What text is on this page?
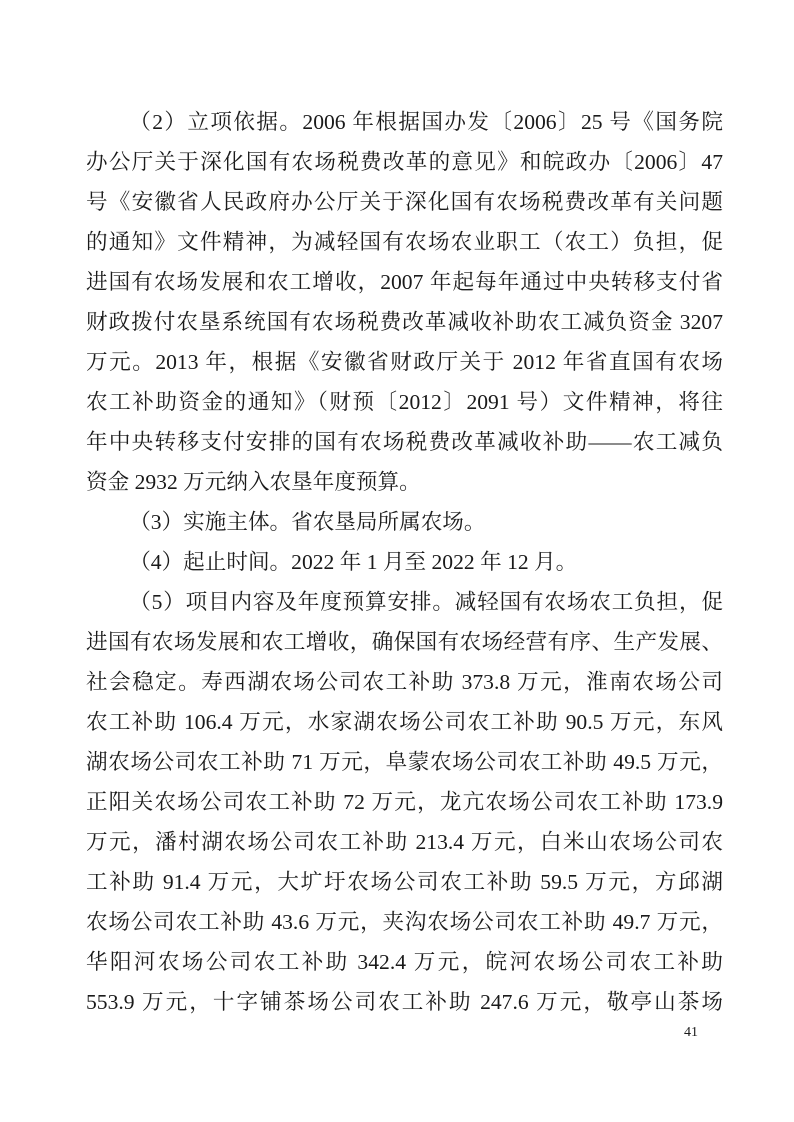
（2）立项依据。2006 年根据国办发〔2006〕25 号《国务院

办公厅关于深化国有农场税费改革的意见》和皖政办〔2006〕47

号《安徽省人民政府办公厅关于深化国有农场税费改革有关问题

的通知》文件精神，为减轻国有农场农业职工（农工）负担，促

进国有农场发展和农工增收，2007 年起每年通过中央转移支付省

财政拨付农垦系统国有农场税费改革减收补助农工减负资金 3207

万元。2013 年，根据《安徽省财政厅关于 2012 年省直国有农场

农工补助资金的通知》（财预〔2012〕2091 号）文件精神，将往

年中央转移支付安排的国有农场税费改革减收补助——农工减负

资金 2932 万元纳入农垦年度预算。

（3）实施主体。省农垦局所属农场。

（4）起止时间。2022 年 1 月至 2022 年 12 月。

（5）项目内容及年度预算安排。减轻国有农场农工负担，促

进国有农场发展和农工增收，确保国有农场经营有序、生产发展、

社会稳定。寿西湖农场公司农工补助 373.8 万元，淮南农场公司

农工补助 106.4 万元，水家湖农场公司农工补助 90.5 万元，东风

湖农场公司农工补助 71 万元，阜蒙农场公司农工补助 49.5 万元，

正阳关农场公司农工补助 72 万元，龙亢农场公司农工补助 173.9

万元，潘村湖农场公司农工补助 213.4 万元，白米山农场公司农

工补助 91.4 万元，大圹圩农场公司农工补助 59.5 万元，方邱湖

农场公司农工补助 43.6 万元，夹沟农场公司农工补助 49.7 万元，

华阳河农场公司农工补助 342.4 万元，皖河农场公司农工补助

553.9 万元，十字铺茶场公司农工补助 247.6 万元，敬亭山茶场

41
